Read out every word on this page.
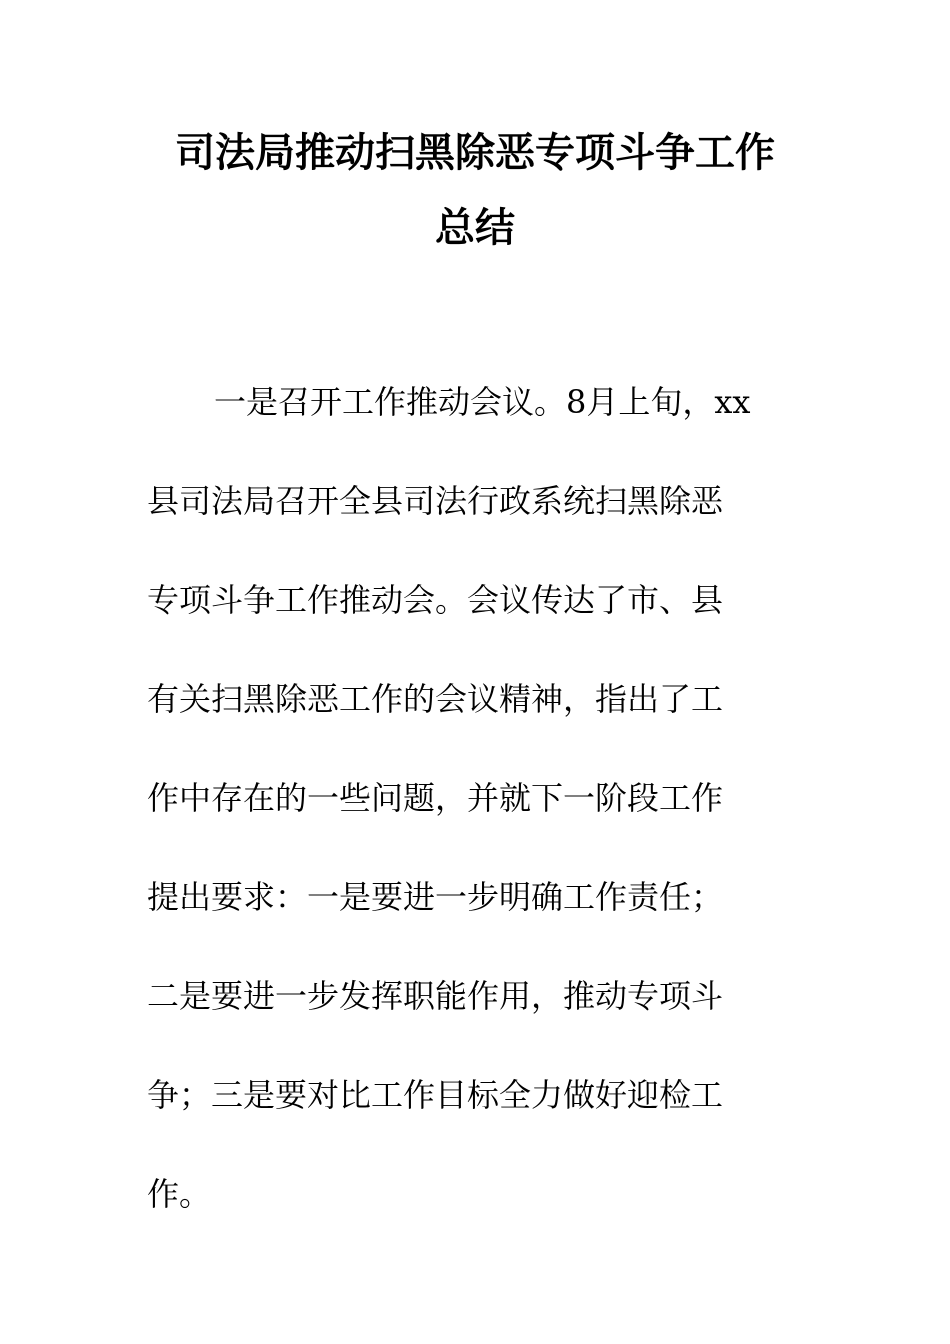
司法局推动扫黑除恶专项斗争工作
总结

一是召开工作推动会议。8月上旬，xx

县司法局召开全县司法行政系统扫黑除恶

专项斗争工作推动会。会议传达了市、县

有关扫黑除恶工作的会议精神，指出了工

作中存在的一些问题，并就下一阶段工作

提出要求：一是要进一步明确工作责任；

二是要进一步发挥职能作用，推动专项斗

争；三是要对比工作目标全力做好迎检工

作。
